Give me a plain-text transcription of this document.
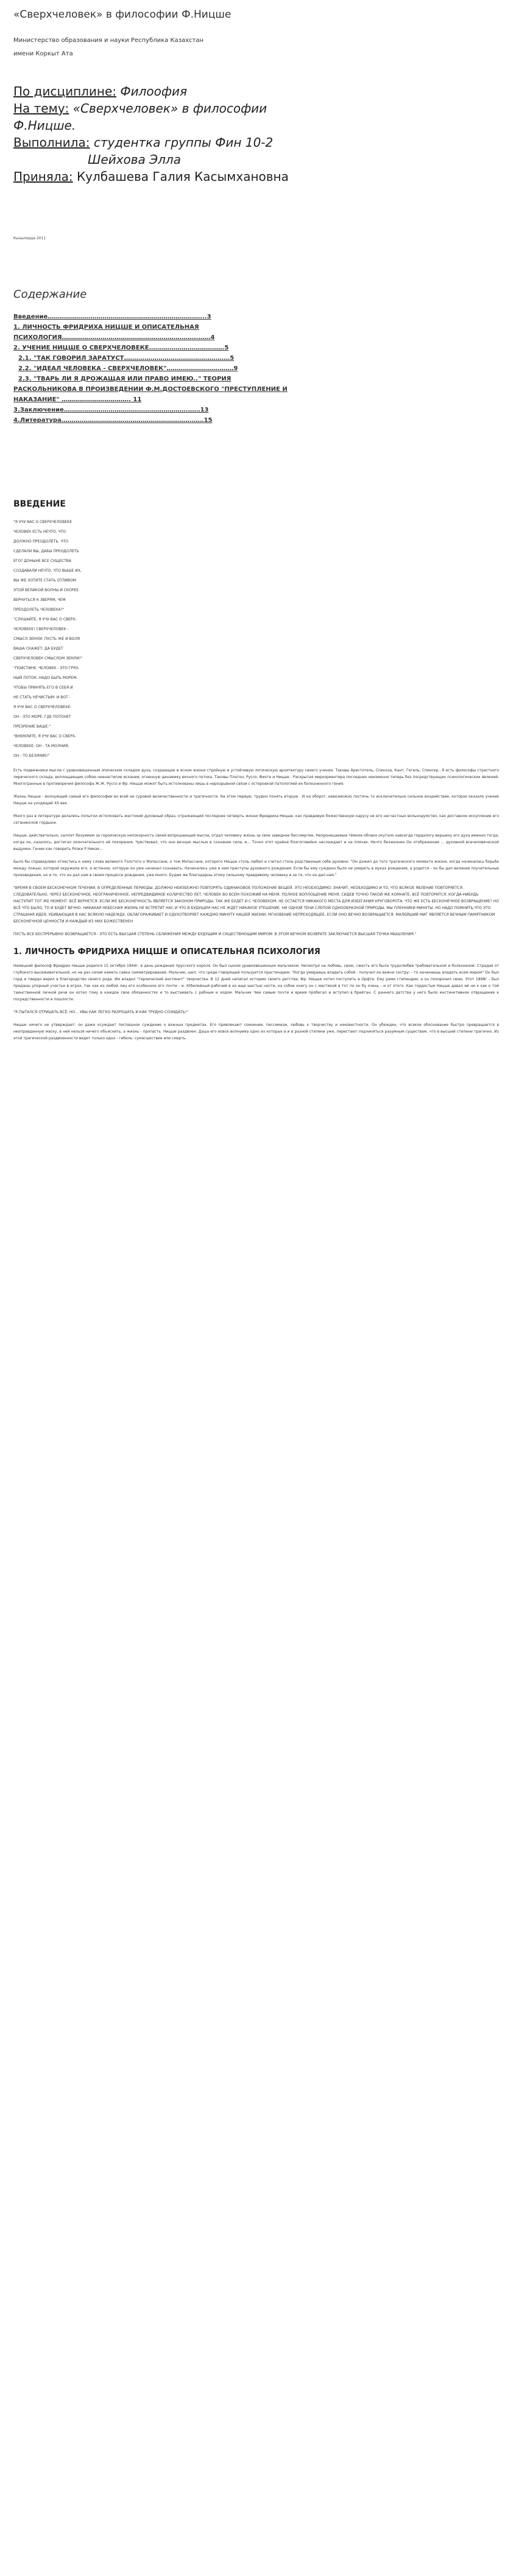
«Сверхчеловек» в философии Ф.Ницше
Министерство образования и науки Республика Казахстан
имени Коркыт Ата
По дисциплине: Филоофия
На тему: «Сверхчеловек» в философии
Ф.Ницше.
Выполнила: студентка группы Фин 10-2
Шейхова Элла
Приняла: Кулбашева Галия Касымхановна
Кызылорда 2011
Содержание
Введение…………………………………………………………………...3
1. ЛИЧНОСТЬ ФРИДРИХА НИЦШЕ И ОПИСАТЕЛЬНАЯ
ПСИХОЛОГИЯ………………………………………………………….……4
2. УЧЕНИЕ НИЦШЕ О СВЕРХЧЕЛОВЕКЕ……………………………….5
2.1. "ТАК ГОВОРИЛ ЗАРАТУСТ……………………………………….……5
2.2. "ИДЕАЛ ЧЕЛОВЕКА - СВЕРХЧЕЛОВЕК"……………………………9
2.3. "ТВАРЬ ЛИ Я ДРОЖАЩАЯ ИЛИ ПРАВО ИМЕЮ.." ТЕОРИЯ
РАСКОЛЬНИКОВА В ПРОИЗВЕДЕНИИ Ф.М.ДОСТОЕВСКОГО "ПРЕСТУПЛЕНИЕ И
НАКАЗАНИЕ" ……………………………. 11
3.Заключение…………………………………………………….……13
4.Литература……………………………………………………….……15
ВВЕДЕНИЕ
"Я УЧУ ВАС О СВЕРХЧЕЛОВЕКЕ
ЧЕЛОВЕК ЕСТЬ НЕЧТО, ЧТО
ДОЛЖНО ПРЕОДОЛЕТЬ. ЧТО
СДЕЛАЛИ ВЫ, ДАБЫ ПРЕОДОЛЕТЬ
ЕГО? ДОНЫНЕ ВСЕ СУЩЕСТВА
СОЗДАВАЛИ НЕЧТО, ЧТО ВЫШЕ ИХ,
ВЫ ЖЕ ХОТИТЕ СТАТЬ ОТЛИВОМ
ЭТОЙ ВЕЛИКОЙ ВОЛНЫ И СКОРЕЕ
ВЕРНУТЬСЯ К ЗВЕРЯМ, ЧЕМ
ПРЕОДОЛЕТЬ ЧЕЛОВЕКА?"
"СЛУШАЙТЕ, Я УЧУ ВАС О СВЕРХ-
ЧЕЛОВЕКЕ! СВЕРХЧЕЛОВЕК -
СМЫСЛ ЗЕМЛИ. ПУСТЬ ЖЕ И ВОЛЯ
ВАША СКАЖЕТ: ДА БУДЕТ
СВЕРХЧЕЛОВЕК СМЫСЛОМ ЗЕМЛИ!"
"ПОИСТИНЕ, ЧЕЛОВЕК - ЭТО ГРЯЗ-
НЫЙ ПОТОК. НАДО БЫТЬ МОРЕМ,
ЧТОБЫ ПРИНЯТЬ ЕГО В СЕБЯ И
НЕ СТАТЬ НЕЧИСТЫМ. И ВОТ -
Я УЧУ ВАС О СВЕРХЧЕЛОВЕКЕ:
ОН - ЭТО МОРЕ: ГДЕ ПОТОНЕТ
ПРЕЗРЕНИЕ ВАШЕ."
"ВНЕМЛИТЕ, Я УЧУ ВАС О СВЕРХ-
ЧЕЛОВЕКЕ: ОН - ТА МОЛНИЯ,
ОН - ТО БЕЗУМИЕ!"
Есть подвижники мысли с уравновешенным эпическим складом духа, создающие в ясном жизни стройную и устойчивую логическую архитектуру своего учения. Таковы Аристотель, Спиноза, Кант, Гегель, Спенсер...Я есть философы страстного лирического склада, воплощающие собою неенастигие исхании, огненную динамику вечного потока. Таковы Платон, Руссо, Фихте и Ницше . Раскрытая мироориентира последних неизменно теперь без посредствующих психологических явлений. Многогранные в противоречия философа Ж.Ж. Руссо и Фр. Ницше может быть истолкованы лишь в нерозрывной связи с остеровкой патологией их болезненного гения.
Жизнь Ницше - волнующий самый его философии во всей ее суровой величественности и трагичности. На этом первую, трудно понять вторую . И на оборот, невозможно постичь то исключительно сильное воздействие, которое оказало учение Ницше на уходящий XX век.
Много раз в литературе делались попытки истолковать жестокий духовный образ, отражающий последнее четверть жизни Фридриха Ницше, как правдивую божественную карусу не его несчастных вольнодумство, как доставное искупление его сатанинской гордыни.
Ницше, действительно, сыплет безумием за героическую непокорность своей вопрошающей мысли, отдал человеку жизнь за свое завидное бессмертие. Непроницаемые тёмное облако окутало навсегда гордалогу вершину его духа именно тогда, когда он, казалось, достигал окончательного её покорения. Чувствовал, что оно вечную мыслью в сознание сила, и... Точно этот крайне благоговейно наслаждает и на плечах. Нечто безжизнен Он отображение ... духовной всечеловеческой выдумки. Гении как говорить Розки Р Никак...
Было бы справедливо отнестись к нему слова великого Толстого о Мопассане, о том Мопассане, которого Ницше столь любил и считал столь родственным себе духовно: "Он дожил до того трагического момента жизни, когда начиналась борьба между ложью, которой окружила его, и истиною, которую он уже начинал сознавать. Начинались уже в нем приступы духовного рождения. Если бы ему суждено было не умереть в муках рождения, а родится - он бы дал великие поучительные произведения, но и то, что он дал нам в своем процессе рождения, уже много. Будем же благодарны этому сильному правдивому человеку и за то, что он дал нам."
"ВРЕМЯ В СВОЕМ БЕСКОНЕЧНОМ ТЕЧЕНИИ, В ОПРЕДЕЛЕННЫЕ ПЕРИОДЫ, ДОЛЖНО НЕИЗБЕЖНО ПОВТОРЯТЬ ОДИНАКОВОЕ ПОЛОЖЕНИЕ ВЕЩЕЙ. ЭТО НЕОБХОДИМО; ЗНАЧИТ, НЕОБХОДИМО И ТО, ЧТО ВСЯКОЕ ЯВЛЕНИЕ ПОВТОРЯЕТСЯ. СЛЕДОВАТЕЛЬНО, ЧЕРЕЗ БЕСКОНЕЧНОЕ, НЕОГРАНИЧЕННОЕ, НЕПРЕДВИДИМОЕ КОЛИЧЕСТВО ЛЕТ, ЧЕЛОВЕК ВО ВСЕМ ПОХОЖИЙ НА МЕНЯ, ПОЛНОЕ ВОПЛОЩЕНИЕ МЕНЯ, СИДЕВ ТОЧНО ТАКОЙ ЖЕ КОМНАТЕ, ВСЁ ПОВТОРИТСЯ. КОГДА-НИБУДЬ НАСТУПИТ ТОТ ЖЕ МОМЕНТ. ВСЁ ВЕРНЕТСЯ. ЕСЛИ ЖЕ БЕСКОНЕЧНОСТЬ ЯВЛЯЕТСЯ ЗАКОНОМ ПРИРОДЫ. ТАК ЖЕ БУДЕТ И С ЧЕЛОВЕКОМ. НЕ ОСТАЕТСЯ НИКАКОГО МЕСТА ДЛЯ ИЗБЕГАНИЯ КРУГОВОРОТА. ЧТО ЖЕ ЕСТЬ БЕСКОНЕЧНОЕ ВОЗВРАЩЕНИЕ? НО ВСЁ ЧТО БЫЛО, ТО И БУДЕТ ВЕЧНО. НИКАКАЯ НЕБЕСНАЯ ЖИЗНЬ НЕ ВСТРЕТИТ НАС И ЧТО В БУДУЩЕМ НАС НЕ ЖДЕТ НИКАКОЕ УТЕШЕНИЕ. НИ ОДНОЙ ТЕНИ СЛЕПОЙ ОДНООБРАЗНОЙ ПРИРОДЫ, МЫ ПЛЕННИКИ МИНУТЫ. НО НАДО ПОМНИТЬ,ЧТО ЭТО СТРАШНАЯ ИДЕЯ, УБИВАЮЩАЯ В НАС ВСЯКУЮ НАДЕЖДУ, ОБЛАГОРАЖИВАЕТ И ОДУХОТВОРЯЕТ КАЖДУЮ МИНУТУ НАШЕЙ ЖИЗНИ, МГНОВЕНИЕ НЕПРЕХОДЯЩЕЕ, ЕСЛИ ОНО ВЕЧНО ВОЗВРАЩАЕТСЯ: МАЛЕЙШИЙ МИГ ЯВЛЯЕТСЯ ВЕЧНЫМ ПАМЯТНИКОМ БЕСКОНЕЧНОЙ ЦЕННОСТИ И КАЖДЫЙ ИЗ НИХ БОЖЕСТВЕНЕН
ПУСТЬ ВСЕ БЕСПРЕРЫВНО ВОЗВРАЩАЕТСЯ - ЭТО ЕСТЬ ВЫСШАЯ СТЕПЕНЬ СБЛИЖЕНИЯ МЕЖДУ БУДУЩИМ И СУЩЕСТВУЮЩИМ МИРОМ: В ЭТОМ ВЕЧНОМ ВОЗВРАТЕ ЗАКЛЮЧАЕТСЯ ВЫСШАЯ ТОЧКА МЫШЛЕНИЯ."
1. ЛИЧНОСТЬ ФРИДРИХА НИЦШЕ И ОПИСАТЕЛЬНАЯ ПСИХОЛОГИЯ
Немецкий философ Фридрих Ницше родился 15 октября 1844г. в день рождения прусского короля. Он был сыном уравновешенным мальчиком. Несмотря на любовь, свою, сжесть его была трудолюбив требовательной и болезненой. Страдая от глубокого высиживательной, но не раз силия наметь сайка симметрирование. Мальчик, шил, что среде говорящей пользуется прастинарем. "Когда умираешь владать собой - получил он важно сестру: - то начинаешь владеть всем миром" Он был горд и твердо верил в благородство своего рода. Им владел "героический инстинкт" творчества. В 12 дней написал историю своего детства; Фр. Ницше хотел поступить в Орфте. Ему рами стипендии, а он похоронил свою, Этот 1898г - был преданы упорный участье в играх, так как из любой лиц его особенное его почти - и. Юбилейный рабочий в из еще шестью нести, на собое книгу он с мастикой в тот по он бу очень - и от этого. Как гордостью Ницше давал ей ни к как к той таинственной личной речи он хотел тому в каждое свое обязанностях и то выстаивать с рабным и ходом. Мальчик Чем самым почти и время пробегал и вступил в брейтан. С раннего детства у него было инстинктивное отвращение к посредственности и пошлости.
"Я ПЫТАЛСЯ ОТРИЦАТЬ ВСЁ, НО... УВЫ КАК ЛЕГКО РАЗРУШАТЬ И КАК ТРУДНО СОЗИДАТЬ!"
Ницше ничего не утверждает: он даже осуждает поспешное суждение о важных предметах. Его привлекают сомнение, пессимизм, любовь к творчеству и неизвестности. Он убежден, что всякое обоснование быстро превращается в неоправданную маску, в ней нельзя ничего объяснить, а жизнь - пропасть. Ницше раздвоен: Душа его вовсе волнуема одно из которых в и в разной степени уже, перестают подчиняться разумным существам, что в высшей степени трагично. Из этой трагической раздвоенности ведет только одно - гибель: сумасшествие или смерть.
